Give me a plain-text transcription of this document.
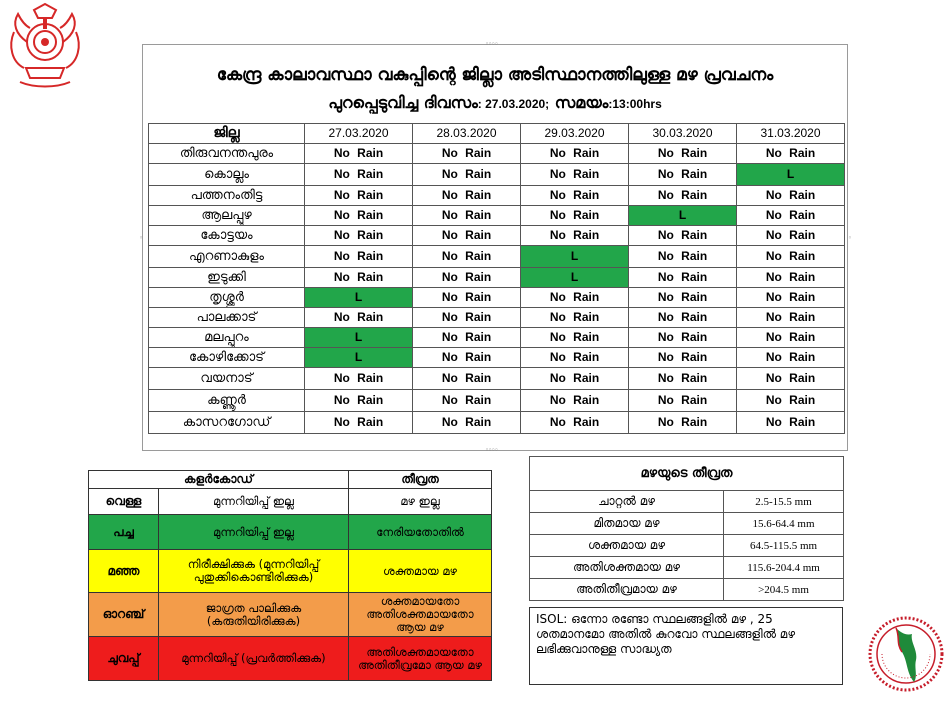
◦◦◦◦
◦	◦
◦◦◦◦
കേന്ദ്ര കാലാവസ്ഥാ വകുപ്പിന്റെ ജില്ലാ അടിസ്ഥാനത്തിലുള്ള മഴ പ്രവചനം
പുറപ്പെടുവിച്ച ദിവസം: 27.03.2020; സമയം:13:00hrs
ജില്ല	27.03.2020	28.03.2020	29.03.2020	30.03.2020	31.03.2020
തിരുവനന്തപുരം	No Rain	No Rain	No Rain	No Rain	No Rain
കൊല്ലം	No Rain	No Rain	No Rain	No Rain	L
പത്തനംതിട്ട	No Rain	No Rain	No Rain	No Rain	No Rain
ആലപ്പുഴ	No Rain	No Rain	No Rain	L	No Rain
കോട്ടയം	No Rain	No Rain	No Rain	No Rain	No Rain
എറണാകുളം	No Rain	No Rain	L	No Rain	No Rain
ഇടുക്കി	No Rain	No Rain	L	No Rain	No Rain
തൃശ്ശൂർ	L	No Rain	No Rain	No Rain	No Rain
പാലക്കാട്	No Rain	No Rain	No Rain	No Rain	No Rain
മലപ്പുറം	L	No Rain	No Rain	No Rain	No Rain
കോഴിക്കോട്	L	No Rain	No Rain	No Rain	No Rain
വയനാട്	No Rain	No Rain	No Rain	No Rain	No Rain
കണ്ണൂർ	No Rain	No Rain	No Rain	No Rain	No Rain
കാസറഗോഡ്	No Rain	No Rain	No Rain	No Rain	No Rain
കളർകോഡ്		തീവ്രത
വെള്ള	മുന്നറിയിപ്പ് ഇല്ല	മഴ ഇല്ല
പച്ച	മുന്നറിയിപ്പ് ഇല്ല	നേരിയതോതിൽ
മഞ്ഞ	നിരീക്ഷിക്കുക (മുന്നറിയിപ്പ് പുതുക്കികൊണ്ടിരിക്കുക)	ശക്തമായ മഴ
ഓറഞ്ച്	ജാഗ്രത പാലിക്കുക (കരുതിയിരിക്കുക)	ശക്തമായതോ അതിശക്തമായതോ ആയ മഴ
ചുവപ്പ്	മുന്നറിയിപ്പ് (പ്രവർത്തിക്കുക)	അതിശക്തമായതോ അതിതീവ്രമോ ആയ മഴ
മഴയുടെ തീവ്രത	
ചാറ്റൽ മഴ	2.5-15.5 mm
മിതമായ മഴ	15.6-64.4 mm
ശക്തമായ മഴ	64.5-115.5 mm
അതിശക്തമായ മഴ	115.6-204.4 mm
അതിതീവ്രമായ മഴ	>204.5 mm
ISOL: ഒന്നോ രണ്ടോ സ്ഥലങ്ങളിൽ മഴ , 25 ശതമാനമോ അതിൽ കുറവോ സ്ഥലങ്ങളിൽ മഴ ലഭിക്കുവാനുള്ള സാദ്ധ്യത
